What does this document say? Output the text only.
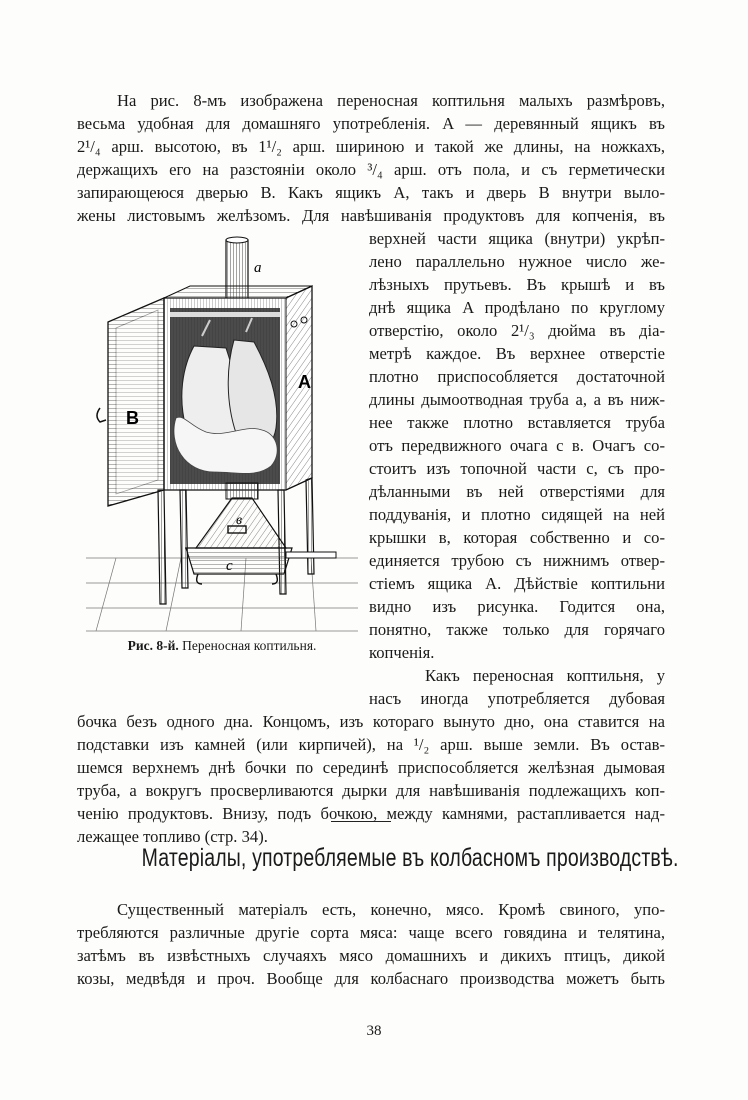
На рис. 8-мъ изображена переносная коптильня малыхъ размѣровъ,
весьма удобная для домашняго употребленія. A — деревянный ящикъ въ
2¹/₄ арш. высотою, въ 1¹/₂ арш. шириною и такой же длины, на ножкахъ,
держащихъ его на разстояніи около ³/₄ арш. отъ пола, и съ герметически
запирающеюся дверью B. Какъ ящикъ A, такъ и дверь B внутри выло-
жены листовымъ желѣзомъ. Для навѣшиванія продуктовъ для копченія, въ
верхней части ящика (внутри) укрѣп-
лено параллельно нужное число же-
лѣзныхъ прутьевъ. Въ крышѣ и въ
днѣ ящика A продѣлано по круглому
отверстію, около 2¹/₃ дюйма въ діа-
метрѣ каждое. Въ верхнее отверстіе
плотно приспособляется достаточной
длины дымоотводная труба a, а въ ниж-
нее также плотно вставляется труба
отъ передвижного очага c в. Очагъ со-
стоитъ изъ топочной части c, съ про-
дѣланными въ ней отверстіями для
поддуванія, и плотно сидящей на ней
крышки в, которая собственно и со-
единяется трубою съ нижнимъ отвер-
стіемъ ящика A. Дѣйствіе коптильни
видно изъ рисунка. Годится она,
понятно, также только для горячаго
копченія.
Какъ переносная коптильня, у
насъ иногда употребляется дубовая
бочка безъ одного дна. Концомъ, изъ котораго вынуто дно, она ставится на
подставки изъ камней (или кирпичей), на ¹/₂ арш. выше земли. Въ остав-
шемся верхнемъ днѣ бочки по серединѣ приспособляется желѣзная дымовая
труба, а вокругъ просверливаются дырки для навѣшиванія подлежащихъ коп-
ченію продуктовъ. Внизу, подъ бочкою, между камнями, растапливается над-
лежащее топливо (стр. 34).
a
B
A
в
c
Рис. 8-й. Переносная коптильня.
Матеріалы, употребляемые въ колбасномъ производствѣ.
Существенный матеріалъ есть, конечно, мясо. Кромѣ свиного, упо-
требляются различные другіе сорта мяса: чаще всего говядина и телятина,
затѣмъ въ извѣстныхъ случаяхъ мясо домашнихъ и дикихъ птицъ, дикой
козы, медвѣдя и проч. Вообще для колбаснаго производства можетъ быть
38
